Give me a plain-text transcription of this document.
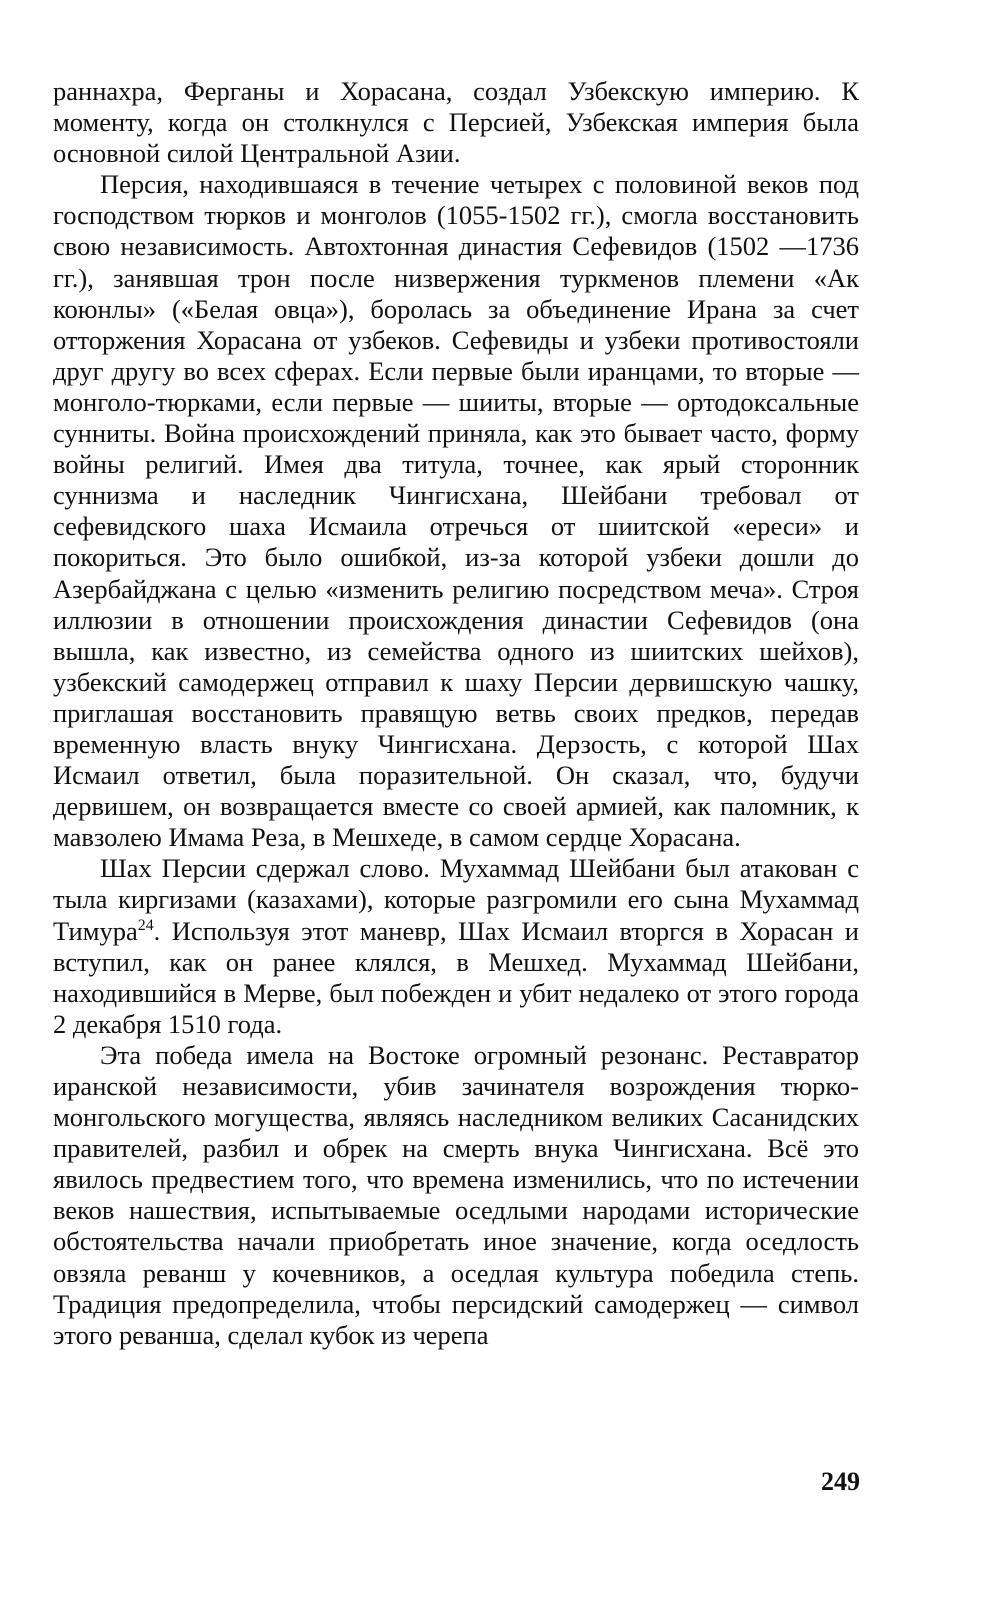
раннахра, Ферганы и Хорасана, создал Узбекскую империю. К моменту, когда он столкнулся с Персией, Узбекская империя была основной силой Центральной Азии.

Персия, находившаяся в течение четырех с половиной веков под господством тюрков и монголов (1055-1502 гг.), смогла восстановить свою независимость. Автохтонная династия Сефевидов (1502 —1736 гг.), занявшая трон после низвержения туркменов племени «Ак коюнлы» («Белая овца»), боролась за объединение Ирана за счет отторжения Хорасана от узбеков. Сефевиды и узбеки противостояли друг другу во всех сферах. Если первые были иранцами, то вторые — монголо-тюрками, если первые — шииты, вторые — ортодоксальные сунниты. Война происхождений приняла, как это бывает часто, форму войны религий. Имея два титула, точнее, как ярый сторонник суннизма и наследник Чингисхана, Шейбани требовал от сефевидского шаха Исмаила отречься от шиитской «ереси» и покориться. Это было ошибкой, из-за которой узбеки дошли до Азербайджана с целью «изменить религию посредством меча». Строя иллюзии в отношении происхождения династии Сефевидов (она вышла, как известно, из семейства одного из шиитских шейхов), узбекский самодержец отправил к шаху Персии дервишскую чашку, приглашая восстановить правящую ветвь своих предков, передав временную власть внуку Чингисхана. Дерзость, с которой Шах Исмаил ответил, была поразительной. Он сказал, что, будучи дервишем, он возвращается вместе со своей армией, как паломник, к мавзолею Имама Реза, в Мешхеде, в самом сердце Хорасана.

Шах Персии сдержал слово. Мухаммад Шейбани был атакован с тыла киргизами (казахами), которые разгромили его сына Мухаммад Тимура$^{24}$. Используя этот маневр, Шах Исмаил вторгся в Хорасан и вступил, как он ранее клялся, в Мешхед. Мухаммад Шейбани, находившийся в Мерве, был побежден и убит недалеко от этого города 2 декабря 1510 года.

Эта победа имела на Востоке огромный резонанс. Реставратор иранской независимости, убив зачинателя возрождения тюрко-монгольского могущества, являясь наследником великих Сасанидских правителей, разбил и обрек на смерть внука Чингисхана. Всё это явилось предвестием того, что времена изменились, что по истечении веков нашествия, испытываемые оседлыми народами исторические обстоятельства начали приобретать иное значение, когда оседлость овзяла реванш у кочевников, а оседлая культура победила степь. Традиция предопределила, чтобы персидский самодержец — символ этого реванша, сделал кубок из черепа

249
